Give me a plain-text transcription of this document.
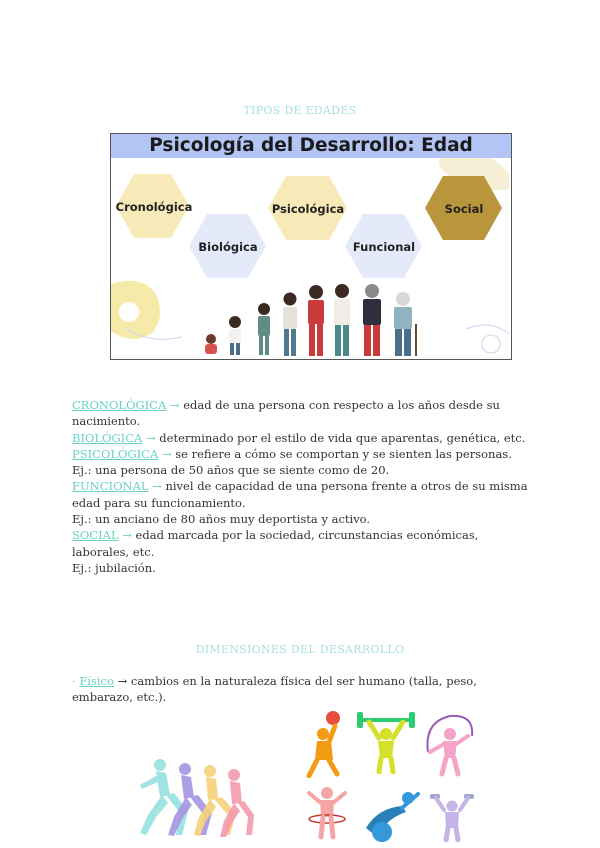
TIPOS DE EDADES
Cronológica
Biológica
Psicológica
Funcional
Social
Psicología del Desarrollo: Edad

CRONOLÓGICA → edad de una persona con respecto a los años desde su nacimiento.

BIOLÓGICA → determinado por el estilo de vida que aparentas, genética, etc.

PSICOLÓGICA → se refiere a cómo se comportan y se sienten las personas.

Ej.: una persona de 50 años que se siente como de 20.

FUNCIONAL → nivel de capacidad de una persona frente a otros de su misma edad para su funcionamiento.

Ej.: un anciano de 80 años muy deportista y activo.

SOCIAL → edad marcada por la sociedad, circunstancias económicas, laborales, etc.

Ej.: jubilación.

DIMENSIONES DEL DESARROLLO

· Físico → cambios en la naturaleza física del ser humano (talla, peso, embarazo, etc.).
